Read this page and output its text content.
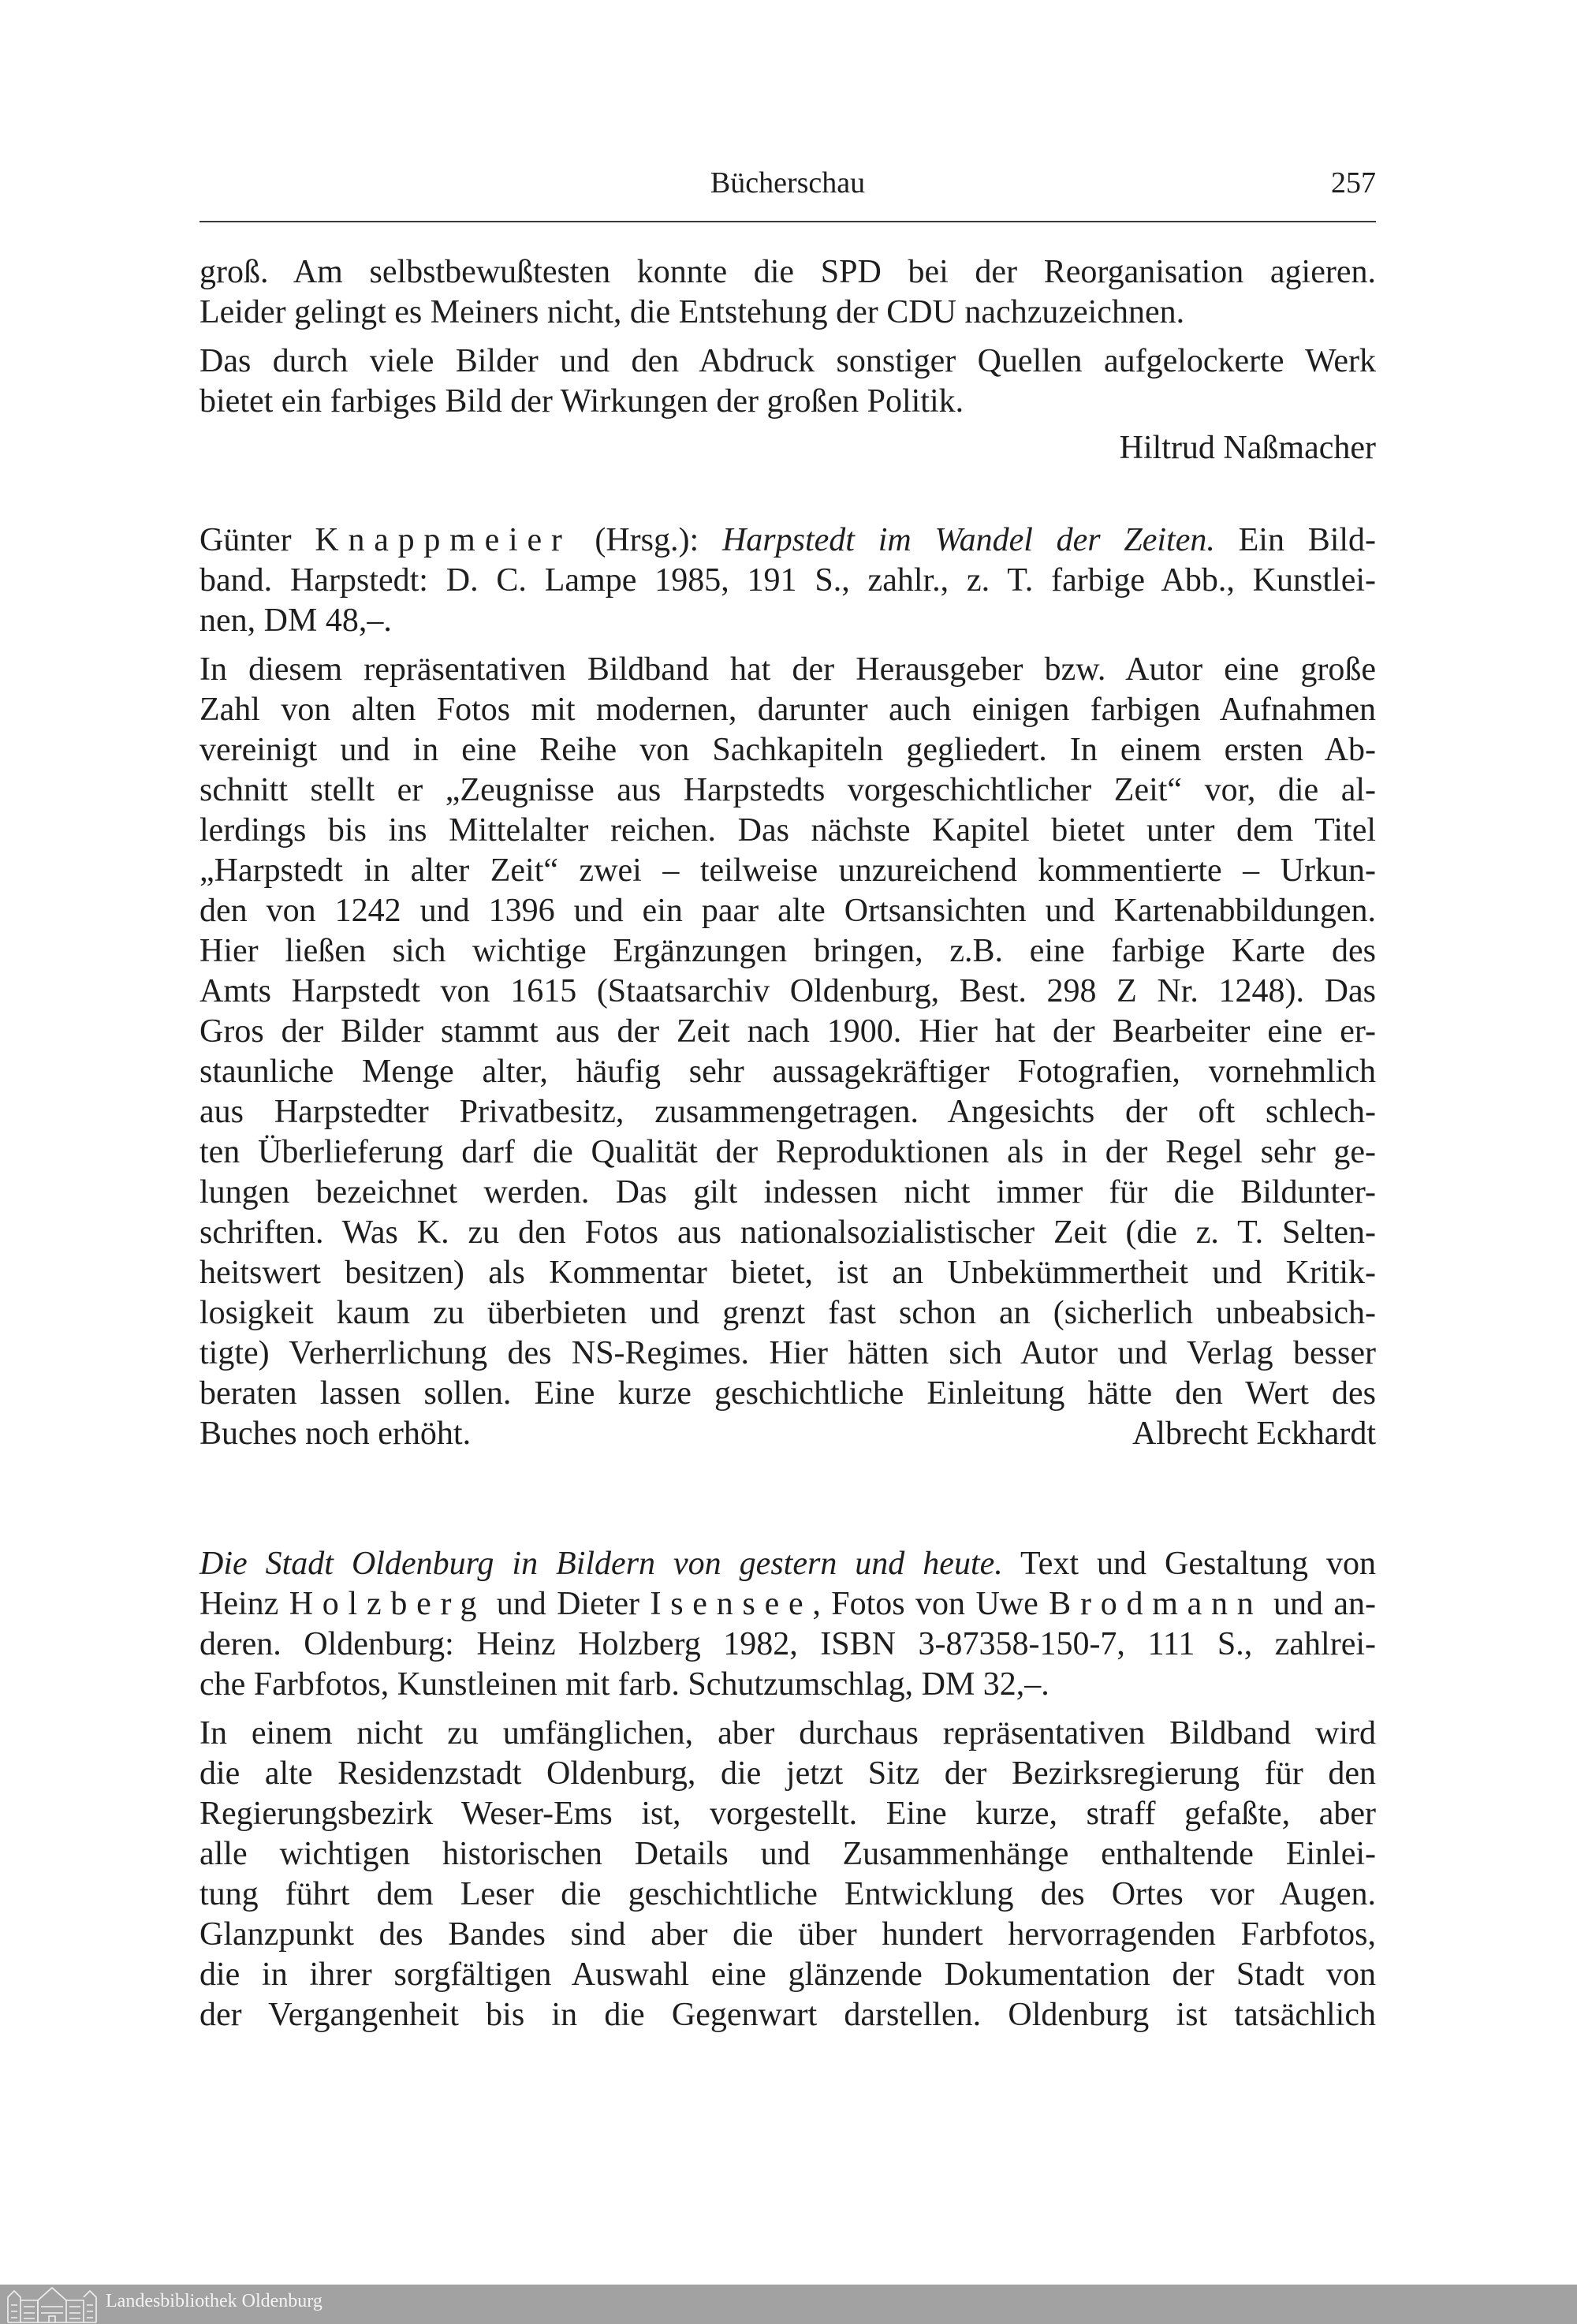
Bücherschau	257
groß. Am selbstbewußtesten konnte die SPD bei der Reorganisation agieren.
Leider gelingt es Meiners nicht, die Entstehung der CDU nachzuzeichnen.
Das durch viele Bilder und den Abdruck sonstiger Quellen aufgelockerte Werk
bietet ein farbiges Bild der Wirkungen der großen Politik.
Hiltrud Naßmacher
Günter Knappmeier (Hrsg.): Harpstedt im Wandel der Zeiten. Ein Bild-
band. Harpstedt: D. C. Lampe 1985, 191 S., zahlr., z. T. farbige Abb., Kunstlei-
nen, DM 48,–.
In diesem repräsentativen Bildband hat der Herausgeber bzw. Autor eine große
Zahl von alten Fotos mit modernen, darunter auch einigen farbigen Aufnahmen
vereinigt und in eine Reihe von Sachkapiteln gegliedert. In einem ersten Ab-
schnitt stellt er „Zeugnisse aus Harpstedts vorgeschichtlicher Zeit“ vor, die al-
lerdings bis ins Mittelalter reichen. Das nächste Kapitel bietet unter dem Titel
„Harpstedt in alter Zeit“ zwei – teilweise unzureichend kommentierte – Urkun-
den von 1242 und 1396 und ein paar alte Ortsansichten und Kartenabbildungen.
Hier ließen sich wichtige Ergänzungen bringen, z.B. eine farbige Karte des
Amts Harpstedt von 1615 (Staatsarchiv Oldenburg, Best. 298 Z Nr. 1248). Das
Gros der Bilder stammt aus der Zeit nach 1900. Hier hat der Bearbeiter eine er-
staunliche Menge alter, häufig sehr aussagekräftiger Fotografien, vornehmlich
aus Harpstedter Privatbesitz, zusammengetragen. Angesichts der oft schlech-
ten Überlieferung darf die Qualität der Reproduktionen als in der Regel sehr ge-
lungen bezeichnet werden. Das gilt indessen nicht immer für die Bildunter-
schriften. Was K. zu den Fotos aus nationalsozialistischer Zeit (die z. T. Selten-
heitswert besitzen) als Kommentar bietet, ist an Unbekümmertheit und Kritik-
losigkeit kaum zu überbieten und grenzt fast schon an (sicherlich unbeabsich-
tigte) Verherrlichung des NS-Regimes. Hier hätten sich Autor und Verlag besser
beraten lassen sollen. Eine kurze geschichtliche Einleitung hätte den Wert des
Buches noch erhöht.	Albrecht Eckhardt
Die Stadt Oldenburg in Bildern von gestern und heute. Text und Gestaltung von
Heinz Holzberg und Dieter Isensee, Fotos von Uwe Brodmann und an-
deren. Oldenburg: Heinz Holzberg 1982, ISBN 3-87358-150-7, 111 S., zahlrei-
che Farbfotos, Kunstleinen mit farb. Schutzumschlag, DM 32,–.
In einem nicht zu umfänglichen, aber durchaus repräsentativen Bildband wird
die alte Residenzstadt Oldenburg, die jetzt Sitz der Bezirksregierung für den
Regierungsbezirk Weser-Ems ist, vorgestellt. Eine kurze, straff gefaßte, aber
alle wichtigen historischen Details und Zusammenhänge enthaltende Einlei-
tung führt dem Leser die geschichtliche Entwicklung des Ortes vor Augen.
Glanzpunkt des Bandes sind aber die über hundert hervorragenden Farbfotos,
die in ihrer sorgfältigen Auswahl eine glänzende Dokumentation der Stadt von
der Vergangenheit bis in die Gegenwart darstellen. Oldenburg ist tatsächlich
Landesbibliothek Oldenburg
